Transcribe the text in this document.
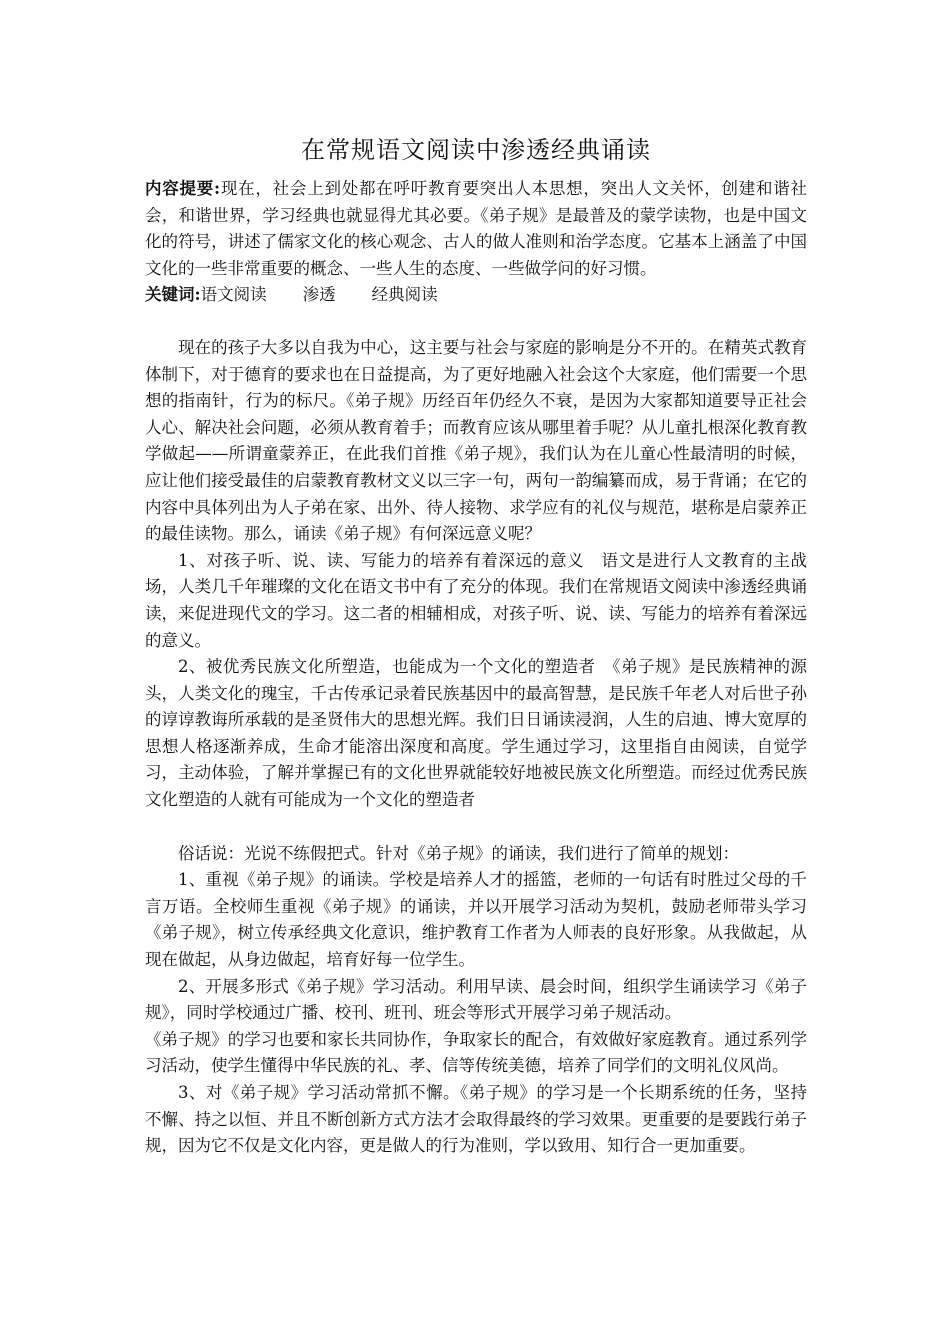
在常规语文阅读中渗透经典诵读

内容提要:现在，社会上到处都在呼吁教育要突出人本思想，突出人文关怀，创建和谐社会，和谐世界，学习经典也就显得尤其必要。《弟子规》是最普及的蒙学读物，也是中国文化的符号，讲述了儒家文化的核心观念、古人的做人准则和治学态度。它基本上涵盖了中国文化的一些非常重要的概念、一些人生的态度、一些做学问的好习惯。

关键词:语文阅读 渗透 经典阅读

现在的孩子大多以自我为中心，这主要与社会与家庭的影响是分不开的。在精英式教育体制下，对于德育的要求也在日益提高，为了更好地融入社会这个大家庭，他们需要一个思想的指南针，行为的标尺。《弟子规》历经百年仍经久不衰，是因为大家都知道要导正社会人心、解决社会问题，必须从教育着手；而教育应该从哪里着手呢？从儿童扎根深化教育教学做起——所谓童蒙养正，在此我们首推《弟子规》，我们认为在儿童心性最清明的时候，应让他们接受最佳的启蒙教育教材文义以三字一句，两句一韵编纂而成，易于背诵；在它的内容中具体列出为人子弟在家、出外、待人接物、求学应有的礼仪与规范，堪称是启蒙养正的最佳读物。那么，诵读《弟子规》有何深远意义呢？

1、对孩子听、说、读、写能力的培养有着深远的意义　语文是进行人文教育的主战场，人类几千年璀璨的文化在语文书中有了充分的体现。我们在常规语文阅读中渗透经典诵读，来促进现代文的学习。这二者的相辅相成，对孩子听、说、读、写能力的培养有着深远的意义。

2、被优秀民族文化所塑造，也能成为一个文化的塑造者　《弟子规》是民族精神的源头，人类文化的瑰宝，千古传承记录着民族基因中的最高智慧，是民族千年老人对后世子孙的谆谆教诲所承载的是圣贤伟大的思想光辉。我们日日诵读浸润，人生的启迪、博大宽厚的思想人格逐渐养成，生命才能溶出深度和高度。学生通过学习，这里指自由阅读，自觉学习，主动体验，了解并掌握已有的文化世界就能较好地被民族文化所塑造。而经过优秀民族文化塑造的人就有可能成为一个文化的塑造者

俗话说：光说不练假把式。针对《弟子规》的诵读，我们进行了简单的规划：

1、重视《弟子规》的诵读。学校是培养人才的摇篮，老师的一句话有时胜过父母的千言万语。全校师生重视《弟子规》的诵读，并以开展学习活动为契机，鼓励老师带头学习《弟子规》，树立传承经典文化意识，维护教育工作者为人师表的良好形象。从我做起，从现在做起，从身边做起，培育好每一位学生。

2、开展多形式《弟子规》学习活动。利用早读、晨会时间，组织学生诵读学习《弟子规》，同时学校通过广播、校刊、班刊、班会等形式开展学习弟子规活动。

《弟子规》的学习也要和家长共同协作，争取家长的配合，有效做好家庭教育。通过系列学习活动，使学生懂得中华民族的礼、孝、信等传统美德，培养了同学们的文明礼仪风尚。

3、对《弟子规》学习活动常抓不懈。《弟子规》的学习是一个长期系统的任务，坚持不懈、持之以恒、并且不断创新方式方法才会取得最终的学习效果。更重要的是要践行弟子规，因为它不仅是文化内容，更是做人的行为准则，学以致用、知行合一更加重要。
